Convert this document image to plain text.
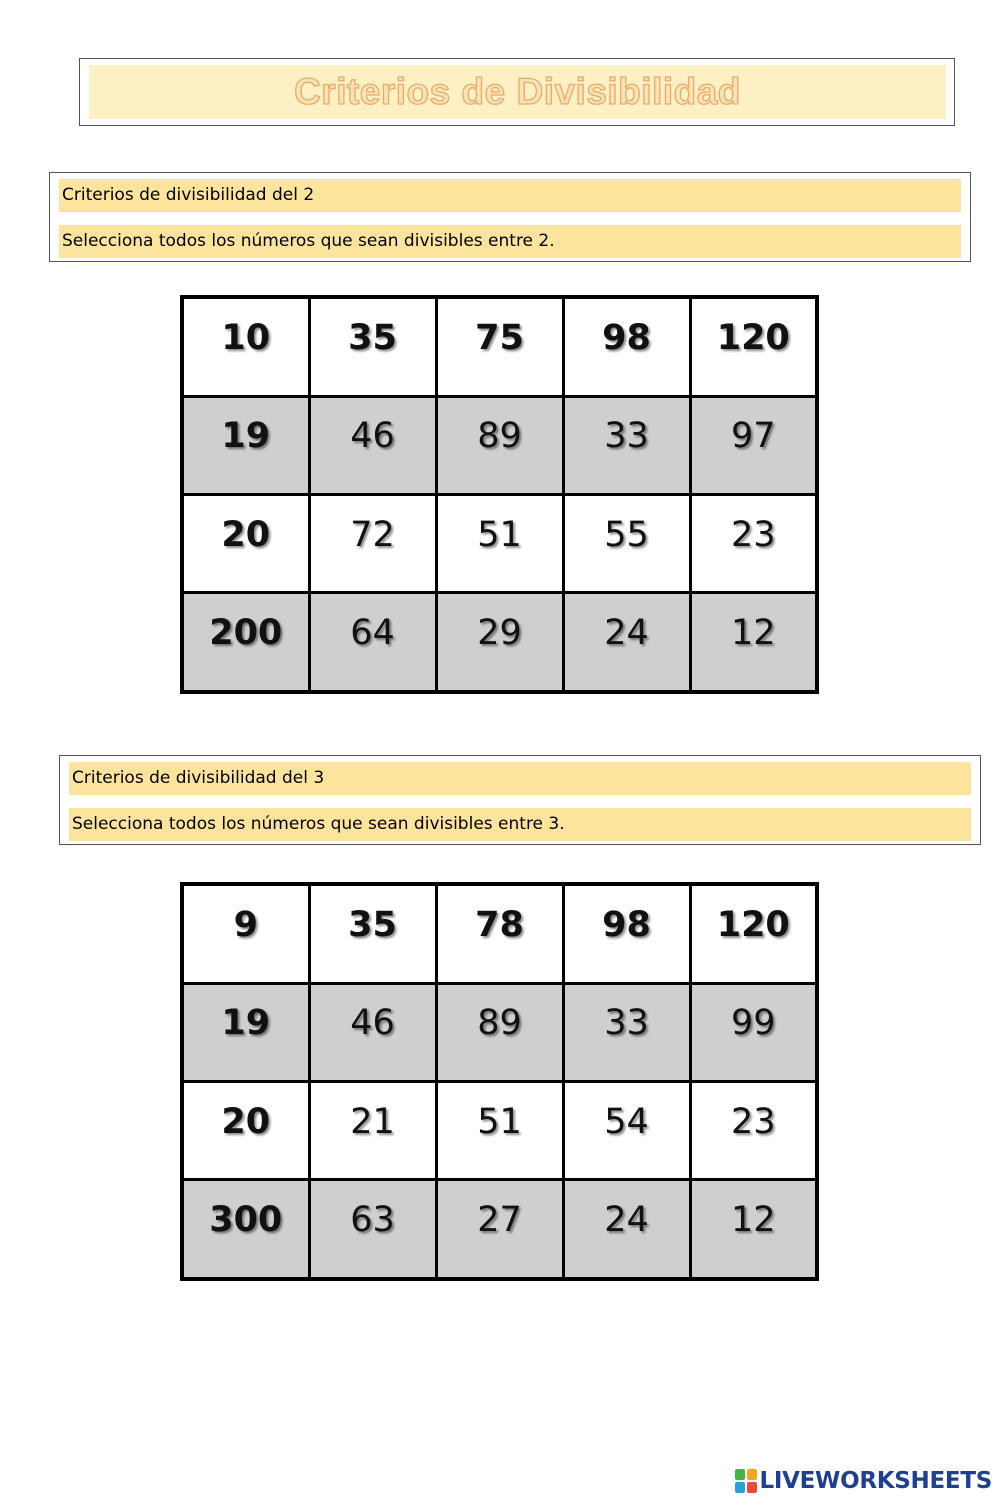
Criterios de Divisibilidad
Criterios de divisibilidad del 2
Selecciona todos los números que sean divisibles entre 2.
10	35	75	98	120
19	46	89	33	97
20	72	51	55	23
200	64	29	24	12
Criterios de divisibilidad del 3
Selecciona todos los números que sean divisibles entre 3.
9	35	78	98	120
19	46	89	33	99
20	21	51	54	23
300	63	27	24	12
LIVEWORKSHEETS
